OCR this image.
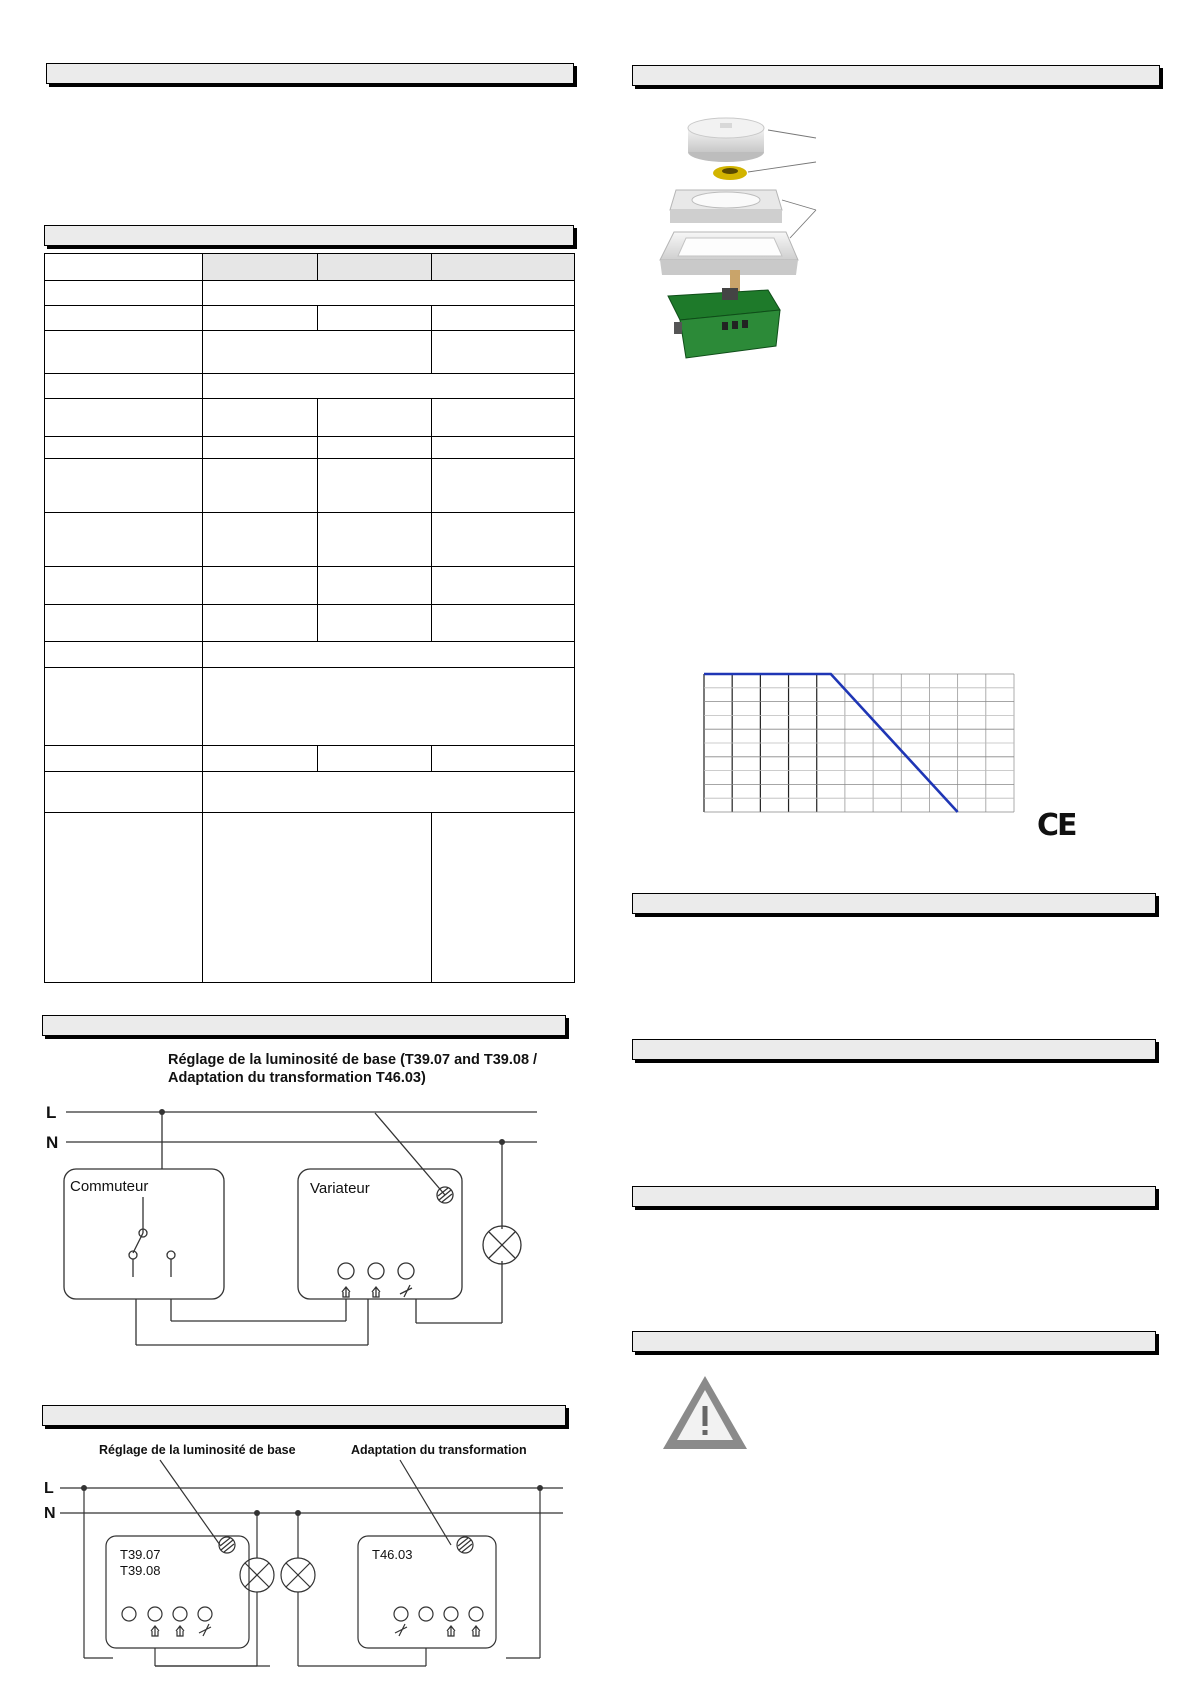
Réglage de la luminosité de base (T39.07 and T39.08 /
Adaptation du transformation T46.03)
L
N
Commuteur	Variateur
Réglage de la luminosité de base	Adaptation du transformation
L
N
T39.07
T39.08
T46.03
CE
